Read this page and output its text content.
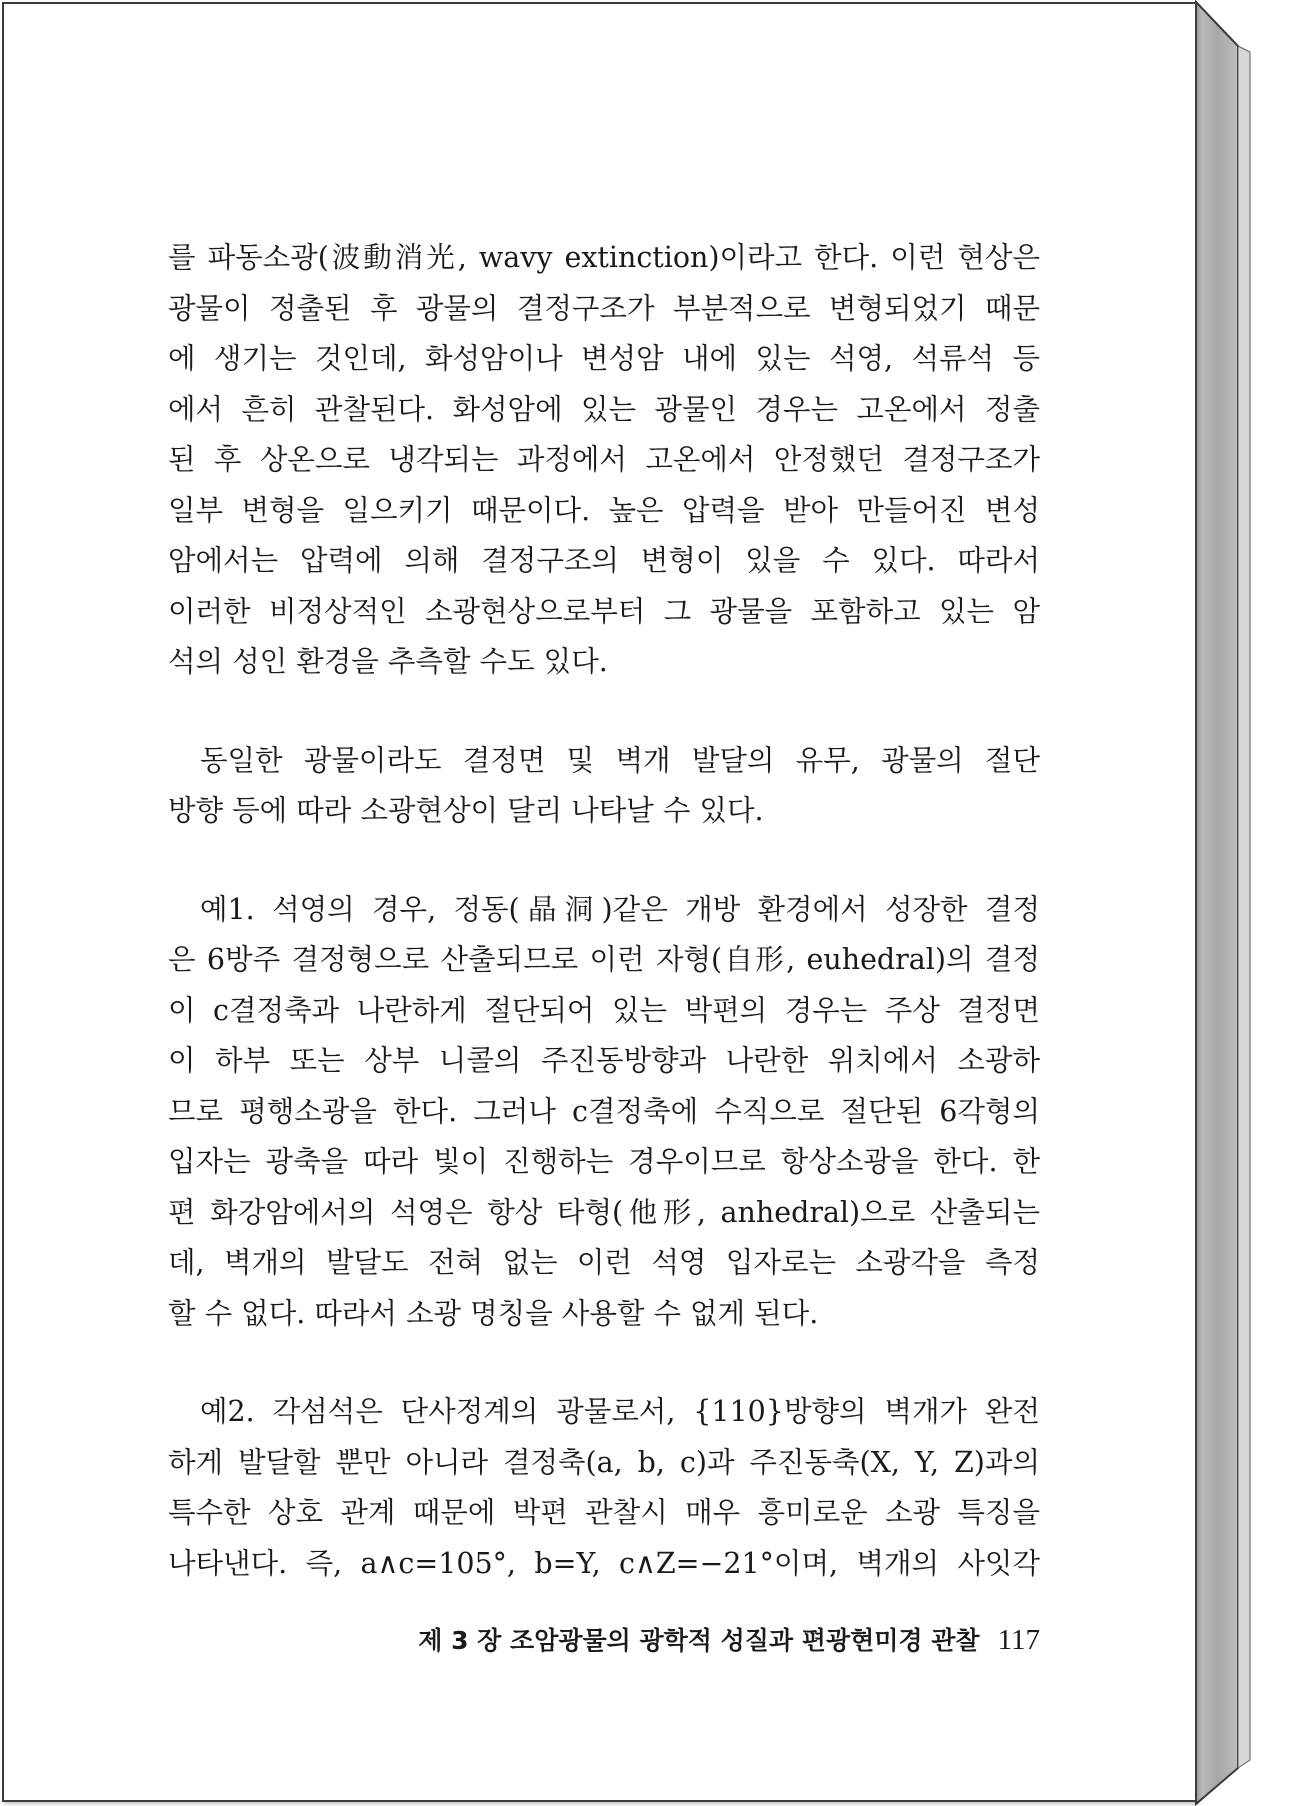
를 파동소광(波動消光, wavy extinction)이라고 한다. 이런 현상은
광물이 정출된 후 광물의 결정구조가 부분적으로 변형되었기 때문
에 생기는 것인데, 화성암이나 변성암 내에 있는 석영, 석류석 등
에서 흔히 관찰된다. 화성암에 있는 광물인 경우는 고온에서 정출
된 후 상온으로 냉각되는 과정에서 고온에서 안정했던 결정구조가
일부 변형을 일으키기 때문이다. 높은 압력을 받아 만들어진 변성
암에서는 압력에 의해 결정구조의 변형이 있을 수 있다. 따라서
이러한 비정상적인 소광현상으로부터 그 광물을 포함하고 있는 암
석의 성인 환경을 추측할 수도 있다.
동일한 광물이라도 결정면 및 벽개 발달의 유무, 광물의 절단
방향 등에 따라 소광현상이 달리 나타날 수 있다.
예1. 석영의 경우, 정동(晶洞)같은 개방 환경에서 성장한 결정
은 6방주 결정형으로 산출되므로 이런 자형(自形, euhedral)의 결정
이 c결정축과 나란하게 절단되어 있는 박편의 경우는 주상 결정면
이 하부 또는 상부 니콜의 주진동방향과 나란한 위치에서 소광하
므로 평행소광을 한다. 그러나 c결정축에 수직으로 절단된 6각형의
입자는 광축을 따라 빛이 진행하는 경우이므로 항상소광을 한다. 한
편 화강암에서의 석영은 항상 타형(他形, anhedral)으로 산출되는
데, 벽개의 발달도 전혀 없는 이런 석영 입자로는 소광각을 측정
할 수 없다. 따라서 소광 명칭을 사용할 수 없게 된다.
예2. 각섬석은 단사정계의 광물로서, {110}방향의 벽개가 완전
하게 발달할 뿐만 아니라 결정축(a, b, c)과 주진동축(X, Y, Z)과의
특수한 상호 관계 때문에 박편 관찰시 매우 흥미로운 소광 특징을
나타낸다. 즉, a∧c=105°, b=Y, c∧Z=−21°이며, 벽개의 사잇각
제 3 장 조암광물의 광학적 성질과 편광현미경 관찰 117
